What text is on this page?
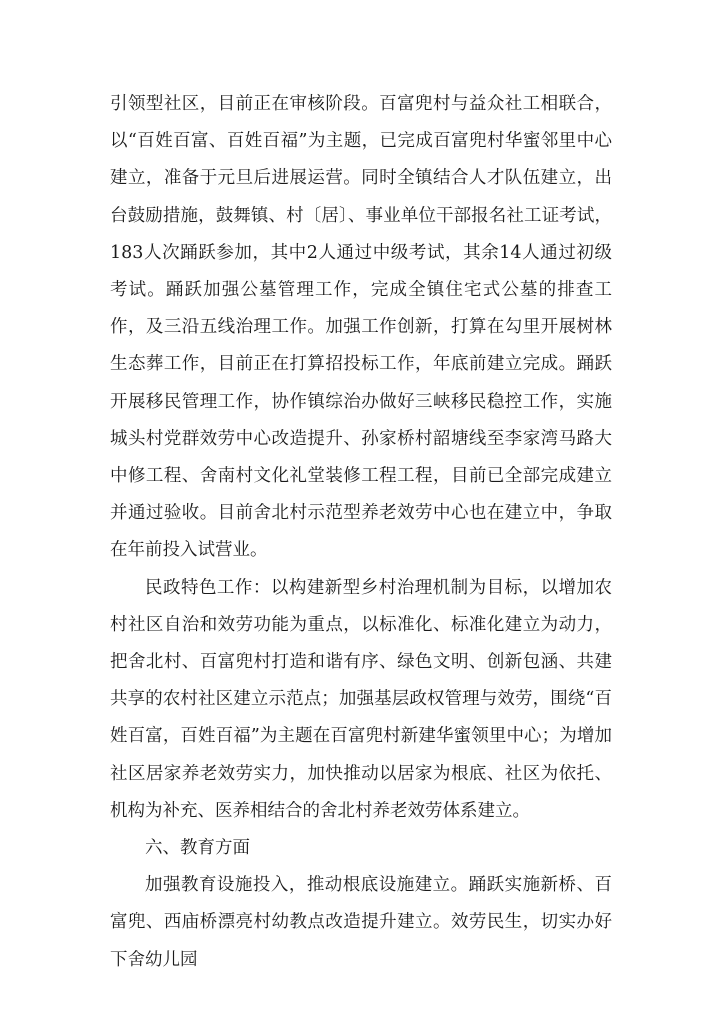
引领型社区，目前正在审核阶段。百富兜村与益众社工相联合，以“百姓百富、百姓百福”为主题，已完成百富兜村华蜜邻里中心建立，准备于元旦后进展运营。同时全镇结合人才队伍建立，出台鼓励措施，鼓舞镇、村〔居〕、事业单位干部报名社工证考试，183人次踊跃参加，其中2人通过中级考试，其余14人通过初级考试。踊跃加强公墓管理工作，完成全镇住宅式公墓的排查工作，及三沿五线治理工作。加强工作创新，打算在勾里开展树林生态葬工作，目前正在打算招投标工作，年底前建立完成。踊跃开展移民管理工作，协作镇综治办做好三峡移民稳控工作，实施城头村党群效劳中心改造提升、孙家桥村韶塘线至李家湾马路大中修工程、舍南村文化礼堂装修工程工程，目前已全部完成建立并通过验收。目前舍北村示范型养老效劳中心也在建立中，争取在年前投入试营业。

民政特色工作：以构建新型乡村治理机制为目标，以增加农村社区自治和效劳功能为重点，以标准化、标准化建立为动力，把舍北村、百富兜村打造和谐有序、绿色文明、创新包涵、共建共享的农村社区建立示范点；加强基层政权管理与效劳，围绕“百姓百富，百姓百福”为主题在百富兜村新建华蜜领里中心；为增加社区居家养老效劳实力，加快推动以居家为根底、社区为依托、机构为补充、医养相结合的舍北村养老效劳体系建立。

六、教育方面

加强教育设施投入，推动根底设施建立。踊跃实施新桥、百富兜、西庙桥漂亮村幼教点改造提升建立。效劳民生，切实办好下舍幼儿园
